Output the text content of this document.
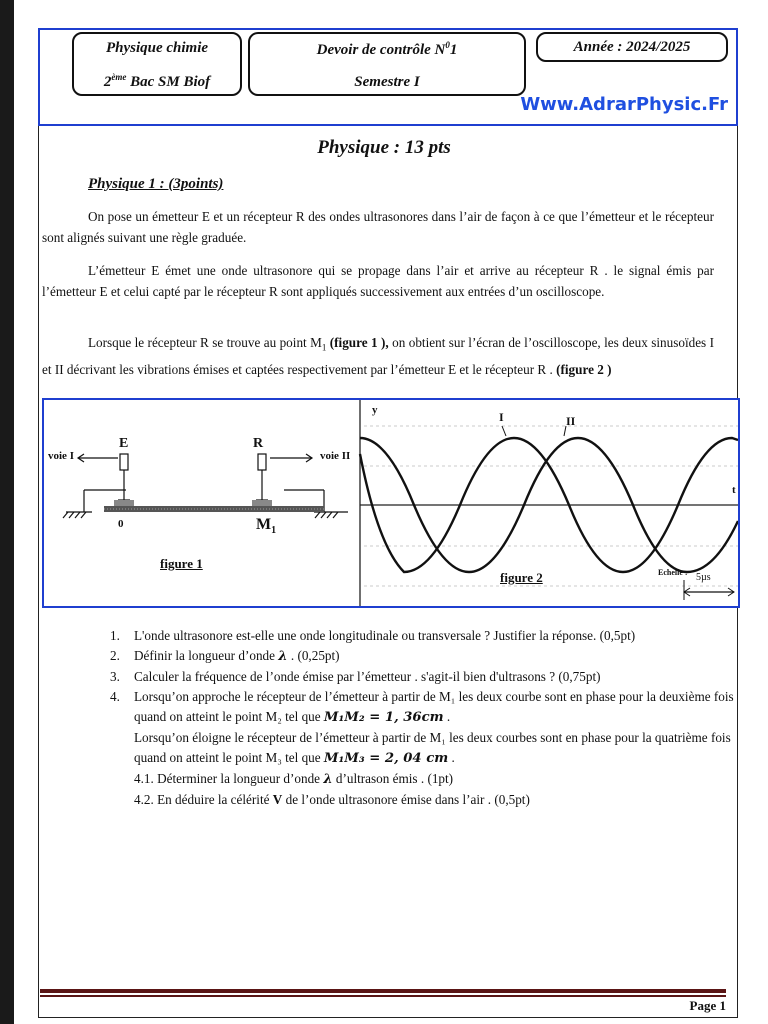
Physique chimie
2ème Bac SM Biof
Devoir de contrôle $N^01$
Semestre I
Année : 2024/2025
Www.AdrarPhysic.Fr
Physique : 13 pts
Physique 1 : (3points)
On pose un émetteur E et un récepteur R des ondes ultrasonores dans l’air de façon à ce que l’émetteur et le récepteur sont alignés suivant une règle graduée.
L’émetteur E émet une onde ultrasonore qui se propage dans l’air et arrive au récepteur R . le signal émis par l’émetteur E et celui capté par le récepteur R sont appliqués successivement aux entrées d’un oscilloscope.
Lorsque le récepteur R se trouve au point $M_1$ (figure 1 ), on obtient sur l’écran de l’oscilloscope, les deux sinusoïdes I et II décrivant les vibrations émises et captées respectivement par l’émetteur E et le récepteur R . (figure 2 )
voie I	voie II
E	R
0	$M_1$
figure 1
y
t
I	II
Echelle : 5µs
figure 2
1. L'onde ultrasonore est-elle une onde longitudinale ou transversale ? Justifier la réponse. (0,5pt)
2. Définir la longueur d’onde λ . (0,25pt)
3. Calculer la fréquence de l’onde émise par l’émetteur . s'agit-il bien d'ultrasons ? (0,75pt)
4. Lorsqu’on approche le récepteur de l’émetteur à partir de M₁ les deux courbe sont en phase pour la deuxième fois quand on atteint le point M₂ tel que M₁M₂ = 1, 36cm .
Lorsqu’on éloigne le récepteur de l’émetteur à partir de M₁ les deux courbes sont en phase pour la quatrième fois quand on atteint le point M₃ tel que M₁M₃ = 2, 04 cm .
4.1. Déterminer la longueur d’onde λ d’ultrason émis . (1pt)
4.2. En déduire la célérité V de l’onde ultrasonore émise dans l’air . (0,5pt)
Page 1
